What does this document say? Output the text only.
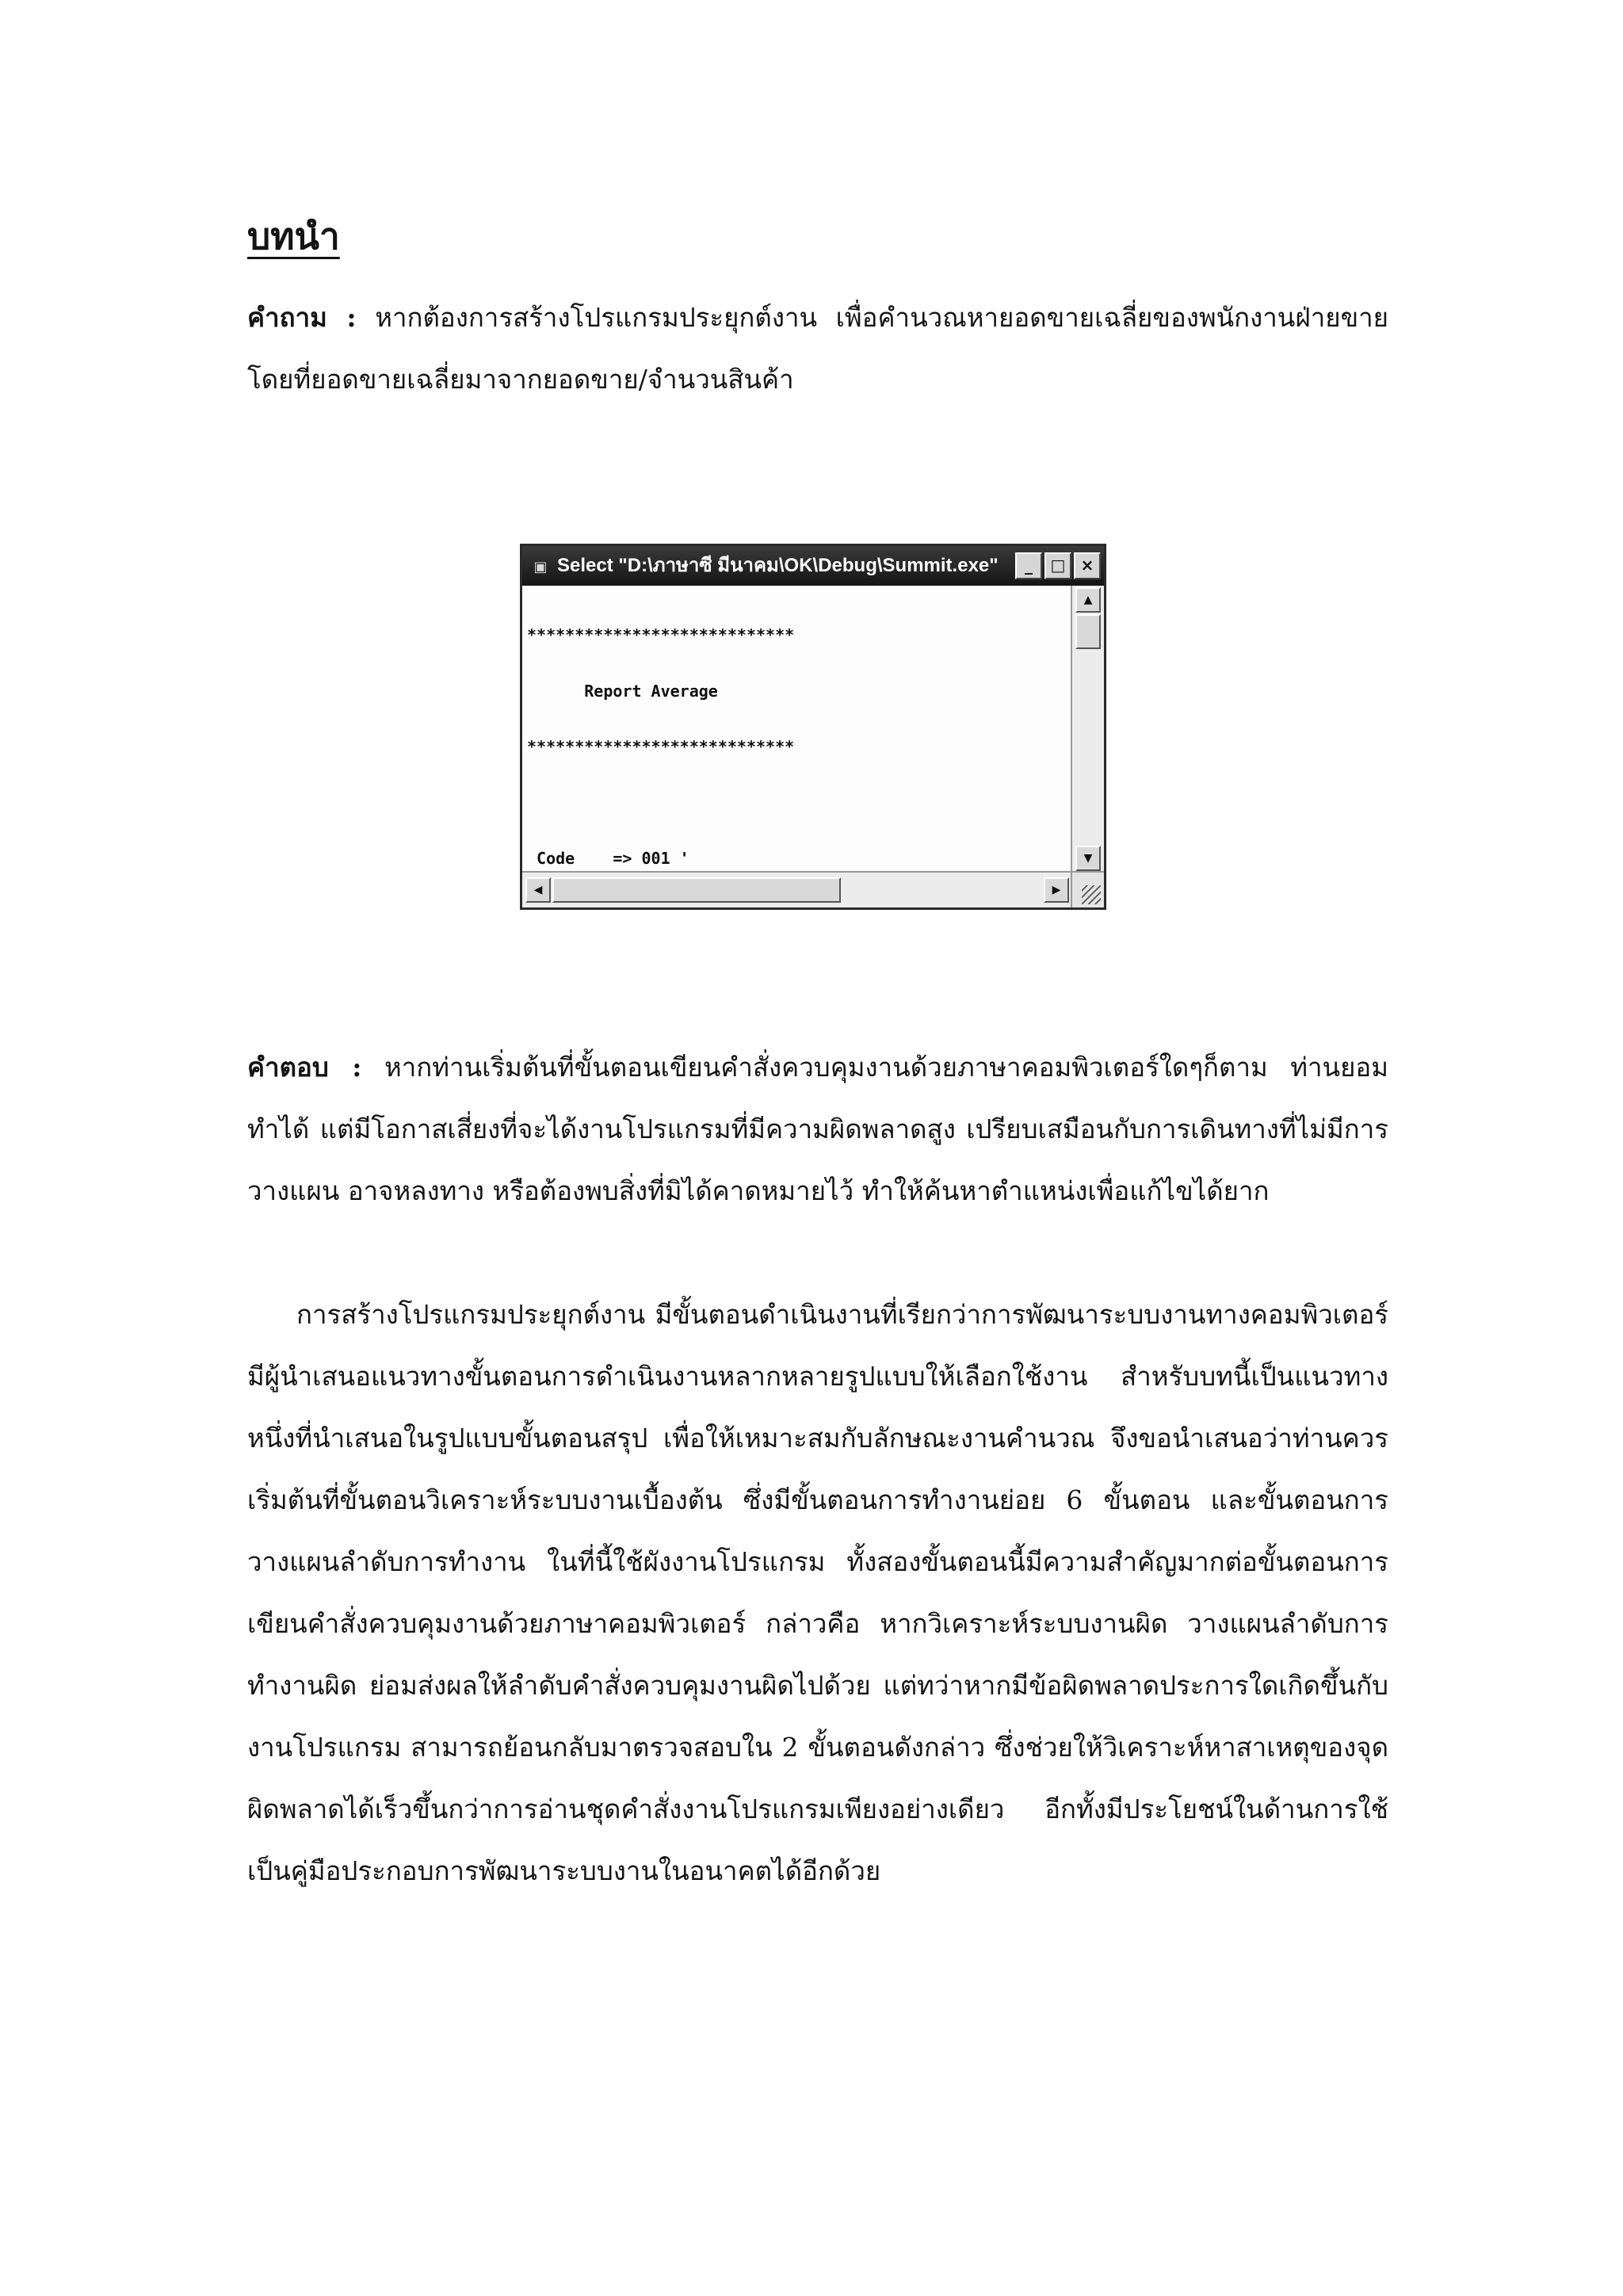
บทนำ

คำถาม : หากต้องการสร้างโปรแกรมประยุกต์งาน เพื่อคำนวณหายอดขายเฉลี่ยของพนักงานฝ่ายขายโดยที่ยอดขายเฉลี่ยมาจากยอดขาย/จำนวนสินค้า

▣ Select "D:\ภาษาซี มีนาคม\OK\Debug\Summit.exe"	_	□ ×

****************************

Report Average

****************************

Code    => 001 '

▲
▼
◀	▶

คำตอบ : หากท่านเริ่มต้นที่ขั้นตอนเขียนคำสั่งควบคุมงานด้วยภาษาคอมพิวเตอร์ใดๆก็ตาม ท่านยอมทำได้ แต่มีโอกาสเสี่ยงที่จะได้งานโปรแกรมที่มีความผิดพลาดสูง เปรียบเสมือนกับการเดินทางที่ไม่มีการวางแผน อาจหลงทาง หรือต้องพบสิ่งที่มิได้คาดหมายไว้ ทำให้ค้นหาตำแหน่งเพื่อแก้ไขได้ยาก

การสร้างโปรแกรมประยุกต์งาน มีขั้นตอนดำเนินงานที่เรียกว่าการพัฒนาระบบงานทางคอมพิวเตอร์ มีผู้นำเสนอแนวทางขั้นตอนการดำเนินงานหลากหลายรูปแบบให้เลือกใช้งาน สำหรับบทนี้เป็นแนวทางหนึ่งที่นำเสนอในรูปแบบขั้นตอนสรุป เพื่อให้เหมาะสมกับลักษณะงานคำนวณ จึงขอนำเสนอว่าท่านควรเริ่มต้นที่ขั้นตอนวิเคราะห์ระบบงานเบื้องต้น ซึ่งมีขั้นตอนการทำงานย่อย 6 ขั้นตอน และขั้นตอนการวางแผนลำดับการทำงาน ในที่นี้ใช้ผังงานโปรแกรม ทั้งสองขั้นตอนนี้มีความสำคัญมากต่อขั้นตอนการเขียนคำสั่งควบคุมงานด้วยภาษาคอมพิวเตอร์ กล่าวคือ หากวิเคราะห์ระบบงานผิด วางแผนลำดับการทำงานผิด ย่อมส่งผลให้ลำดับคำสั่งควบคุมงานผิดไปด้วย แต่ทว่าหากมีข้อผิดพลาดประการใดเกิดขึ้นกับงานโปรแกรม สามารถย้อนกลับมาตรวจสอบใน 2 ขั้นตอนดังกล่าว ซึ่งช่วยให้วิเคราะห์หาสาเหตุของจุดผิดพลาดได้เร็วขึ้นกว่าการอ่านชุดคำสั่งงานโปรแกรมเพียงอย่างเดียว อีกทั้งมีประโยชน์ในด้านการใช้เป็นคู่มือประกอบการพัฒนาระบบงานในอนาคตได้อีกด้วย
